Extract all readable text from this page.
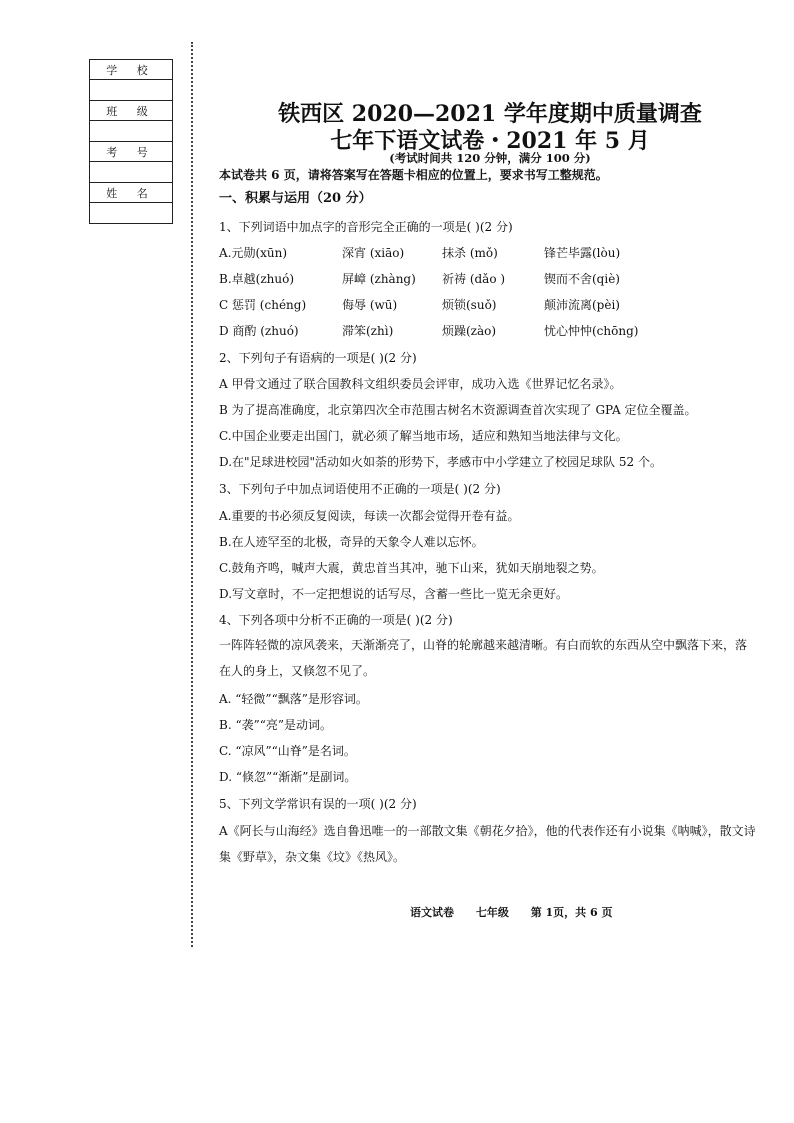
学 校

班 级

考 号

姓 名

铁西区 2020—2021 学年度期中质量调查
七年下语文试卷・2021 年 5 月
(考试时间共 120 分钟，满分 100 分)
本试卷共 6 页，请将答案写在答题卡相应的位置上，要求书写工整规范。
一、积累与运用（20 分）
1、下列词语中加点字的音形完全正确的一项是( )(2 分)
A.元勋(xūn)	深宵 (xiāo)	抹杀 (mǒ)	锋芒毕露(lòu)
B.卓越(zhuó)	屏嶂 (zhàng) 祈祷 (dǎo )	锲而不舍(qiè)
C 惩罚 (chéng)	侮辱 (wū)	烦锁(suǒ)	颠沛流离(pèi)
D 商酌 (zhuó)	滞笨(zhì)	烦躁(zào)	忧心忡忡(chōng)
2、下列句子有语病的一项是( )(2 分)
A 甲骨文通过了联合国教科文组织委员会评审，成功入选《世界记忆名录》。
B 为了提高准确度，北京第四次全市范围古树名木资源调查首次实现了 GPA 定位全覆盖。
C.中国企业要走出国门，就必须了解当地市场，适应和熟知当地法律与文化。
D.在"足球进校园"活动如火如荼的形势下，孝感市中小学建立了校园足球队 52 个。
3、下列句子中加点词语使用不正确的一项是( )(2 分)
A.重要的书必须反复阅读，每读一次都会觉得开卷有益。
B.在人迹罕至的北极，奇异的天象令人难以忘怀。
C.鼓角齐鸣，喊声大震，黄忠首当其冲，驰下山来，犹如天崩地裂之势。
D.写文章时，不一定把想说的话写尽，含蓄一些比一览无余更好。
4、下列各项中分析不正确的一项是( )(2 分)
一阵阵轻微的凉风袭来，天渐渐亮了，山脊的轮廓越来越清晰。有白而软的东西从空中飘落下来，落在人的身上，又倏忽不见了。
A. “轻微”“飘落”是形容词。
B. “袭”“亮”是动词。
C. “凉风”“山脊”是名词。
D. “倏忽”“渐渐”是副词。
5、下列文学常识有误的一项( )(2 分)
A《阿长与山海经》选自鲁迅唯一的一部散文集《朝花夕拾》，他的代表作还有小说集《呐喊》，散文诗集《野草》，杂文集《坟》《热风》。
语文试卷 七年级 第 1页，共 6 页
